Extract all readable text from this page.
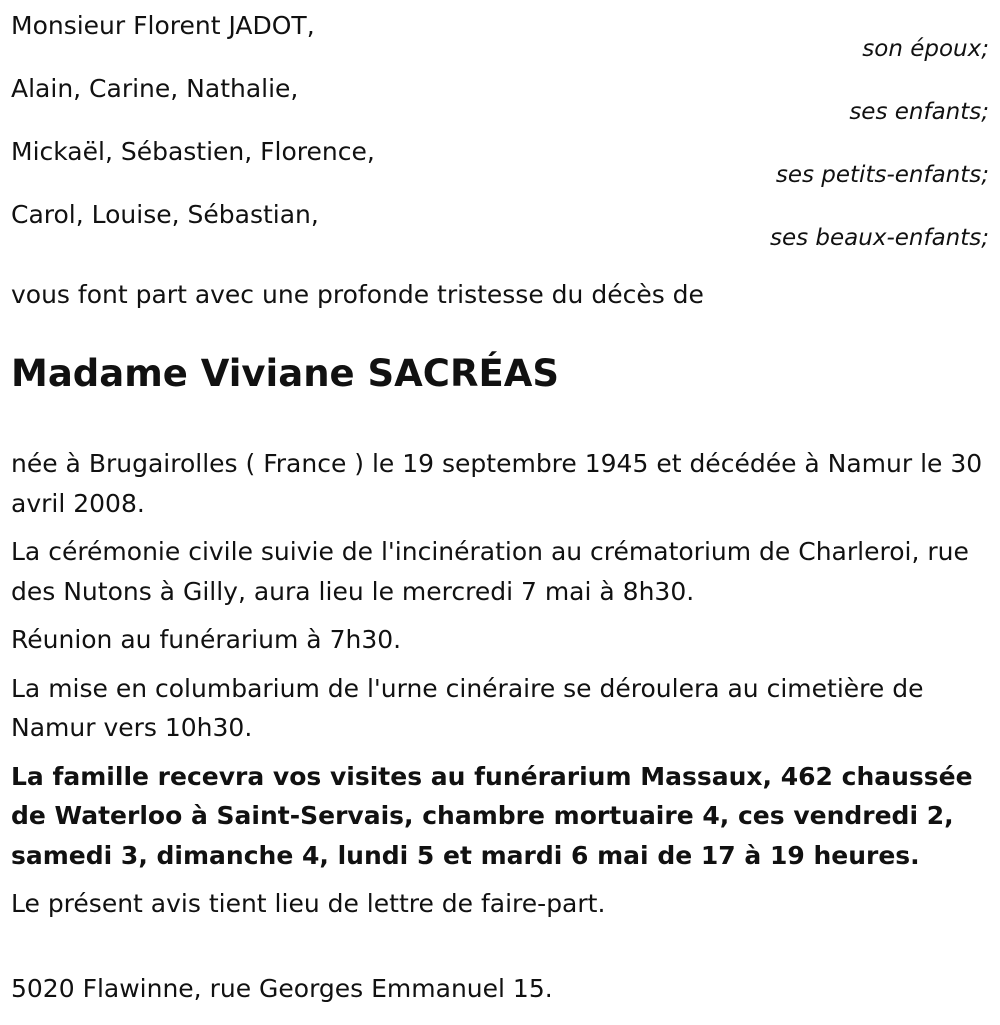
Monsieur Florent JADOT,
son époux;
Alain, Carine, Nathalie,
ses enfants;
Mickaël, Sébastien, Florence,
ses petits-enfants;
Carol, Louise, Sébastian,
ses beaux-enfants;
vous font part avec une profonde tristesse du décès de
Madame Viviane SACRÉAS

née à Brugairolles ( France ) le 19 septembre 1945 et décédée à Namur le 30 avril 2008.

La cérémonie civile suivie de l'incinération au crématorium de Charleroi, rue des Nutons à Gilly, aura lieu le mercredi 7 mai à 8h30.

Réunion au funérarium à 7h30.

La mise en columbarium de l'urne cinéraire se déroulera au cimetière de Namur vers 10h30.

La famille recevra vos visites au funérarium Massaux, 462 chaussée de Waterloo à Saint-Servais, chambre mortuaire 4, ces vendredi 2, samedi 3, dimanche 4, lundi 5 et mardi 6 mai de 17 à 19 heures.

Le présent avis tient lieu de lettre de faire-part.

5020 Flawinne, rue Georges Emmanuel 15.
